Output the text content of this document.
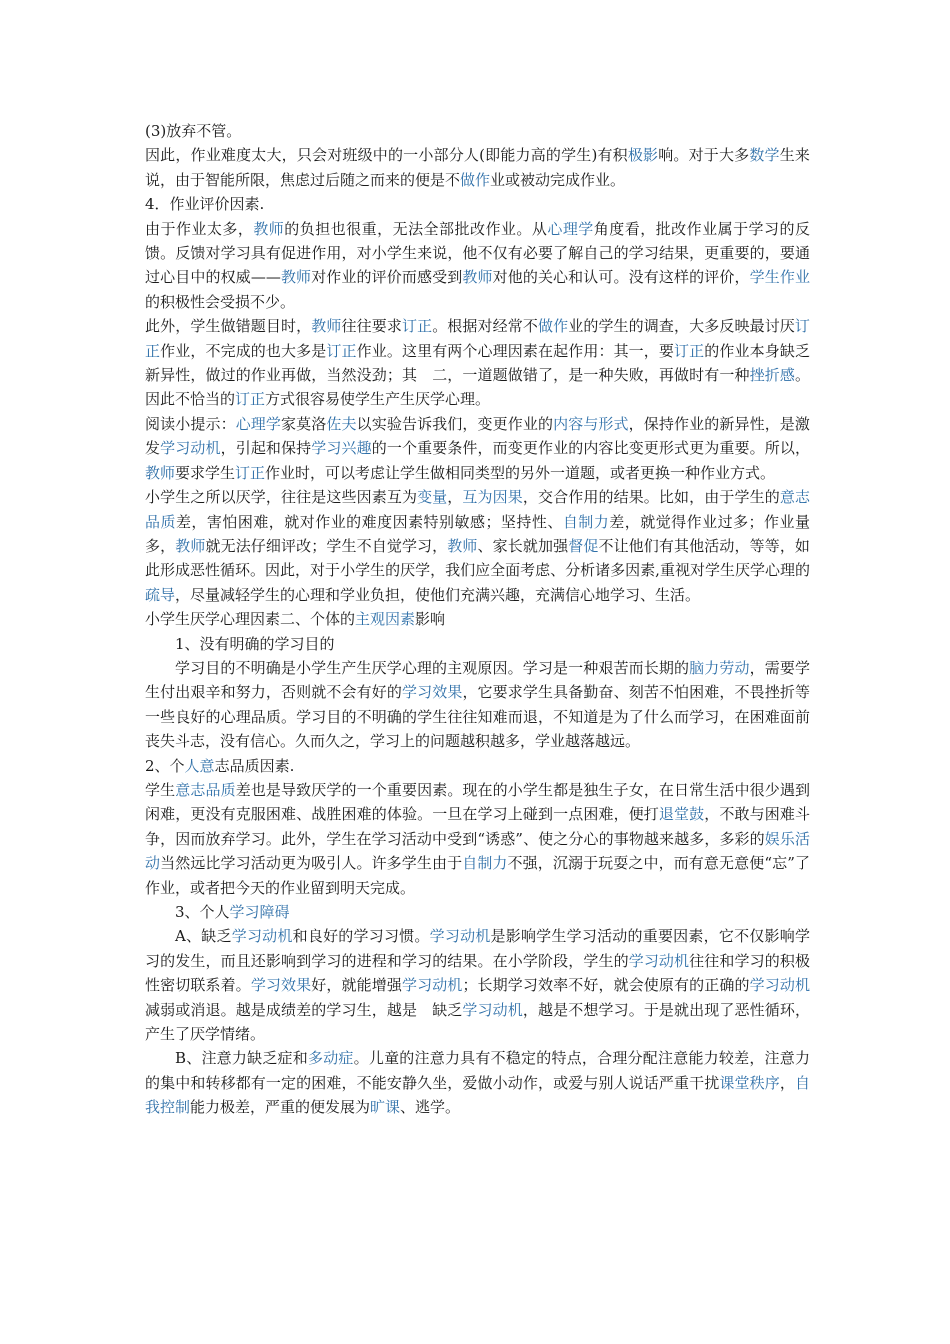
(3)放弃不管。

因此，作业难度太大，只会对班级中的一小部分人(即能力高的学生)有积极影响。对于大多数学生来说，由于智能所限，焦虑过后随之而来的便是不做作业或被动完成作业。

4．作业评价因素.

由于作业太多，教师的负担也很重，无法全部批改作业。从心理学角度看，批改作业属于学习的反馈。反馈对学习具有促进作用，对小学生来说，他不仅有必要了解自己的学习结果，更重要的，要通过心目中的权威——教师对作业的评价而感受到教师对他的关心和认可。没有这样的评价，学生作业的积极性会受损不少。

此外，学生做错题目时，教师往往要求订正。根据对经常不做作业的学生的调查，大多反映最讨厌订正作业，不完成的也大多是订正作业。这里有两个心理因素在起作用：其一，要订正的作业本身缺乏新异性，做过的作业再做，当然没劲；其　二，一道题做错了，是一种失败，再做时有一种挫折感。因此不恰当的订正方式很容易使学生产生厌学心理。

阅读小提示：心理学家莫洛佐夫以实验告诉我们，变更作业的内容与形式，保持作业的新异性，是激发学习动机，引起和保持学习兴趣的一个重要条件，而变更作业的内容比变更形式更为重要。所以，教师要求学生订正作业时，可以考虑让学生做相同类型的另外一道题，或者更换一种作业方式。

小学生之所以厌学，往往是这些因素互为变量，互为因果，交合作用的结果。比如，由于学生的意志品质差，害怕困难，就对作业的难度因素特别敏感；坚持性、自制力差，就觉得作业过多；作业量多，教师就无法仔细评改；学生不自觉学习，教师、家长就加强督促不让他们有其他活动，等等，如此形成恶性循环。因此，对于小学生的厌学，我们应全面考虑、分析诸多因素,重视对学生厌学心理的疏导，尽量减轻学生的心理和学业负担，使他们充满兴趣，充满信心地学习、生活。

小学生厌学心理因素二、个体的主观因素影响

1、没有明确的学习目的

学习目的不明确是小学生产生厌学心理的主观原因。学习是一种艰苦而长期的脑力劳动，需要学生付出艰辛和努力，否则就不会有好的学习效果，它要求学生具备勤奋、刻苦不怕困难，不畏挫折等一些良好的心理品质。学习目的不明确的学生往往知难而退，不知道是为了什么而学习，在困难面前丧失斗志，没有信心。久而久之，学习上的问题越积越多，学业越落越远。

2、个人意志品质因素.

学生意志品质差也是导致厌学的一个重要因素。现在的小学生都是独生子女，在日常生活中很少遇到闲难，更没有克服困难、战胜困难的体验。一旦在学习上碰到一点困难，便打退堂鼓，不敢与困难斗争，因而放弃学习。此外，学生在学习活动中受到“诱惑”、使之分心的事物越来越多，多彩的娱乐活动当然远比学习活动更为吸引人。许多学生由于自制力不强，沉溺于玩耍之中，而有意无意便“忘”了作业，或者把今天的作业留到明天完成。

3、个人学习障碍

A、缺乏学习动机和良好的学习习惯。学习动机是影响学生学习活动的重要因素，它不仅影响学习的发生，而且还影响到学习的进程和学习的结果。在小学阶段，学生的学习动机往往和学习的积极性密切联系着。学习效果好，就能增强学习动机；长期学习效率不好，就会使原有的正确的学习动机减弱或消退。越是成绩差的学习生，越是　缺乏学习动机，越是不想学习。于是就出现了恶性循环，产生了厌学情绪。

B、注意力缺乏症和多动症。儿童的注意力具有不稳定的特点，合理分配注意能力较差，注意力的集中和转移都有一定的困难，不能安静久坐，爱做小动作，或爱与别人说话严重干扰课堂秩序，自我控制能力极差，严重的便发展为旷课、逃学。
